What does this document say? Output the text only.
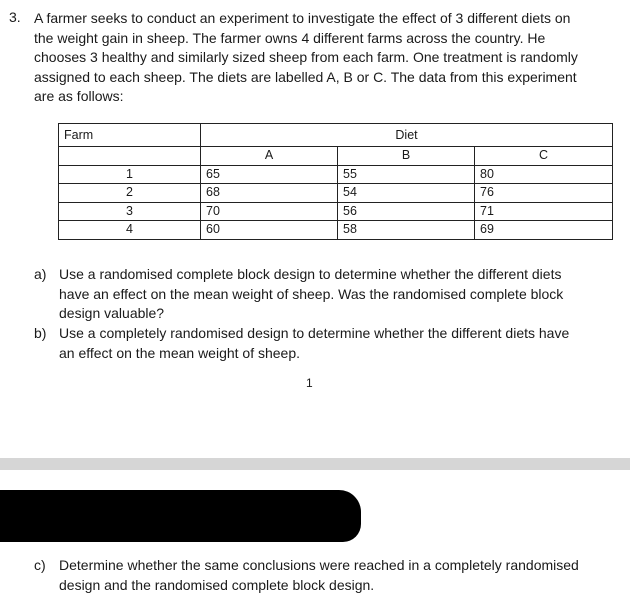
3. A farmer seeks to conduct an experiment to investigate the effect of 3 different diets on
the weight gain in sheep. The farmer owns 4 different farms across the country. He
chooses 3 healthy and similarly sized sheep from each farm. One treatment is randomly
assigned to each sheep. The diets are labelled A, B or C. The data from this experiment
are as follows:

Farm	Diet		
	A	B	C
1	65	55	80
2	68	54	76
3	70	56	71
4	60	58	69
a) Use a randomised complete block design to determine whether the different diets
have an effect on the mean weight of sheep. Was the randomised complete block
design valuable?
b) Use a completely randomised design to determine whether the different diets have
an effect on the mean weight of sheep.
1
c) Determine whether the same conclusions were reached in a completely randomised
design and the randomised complete block design.
